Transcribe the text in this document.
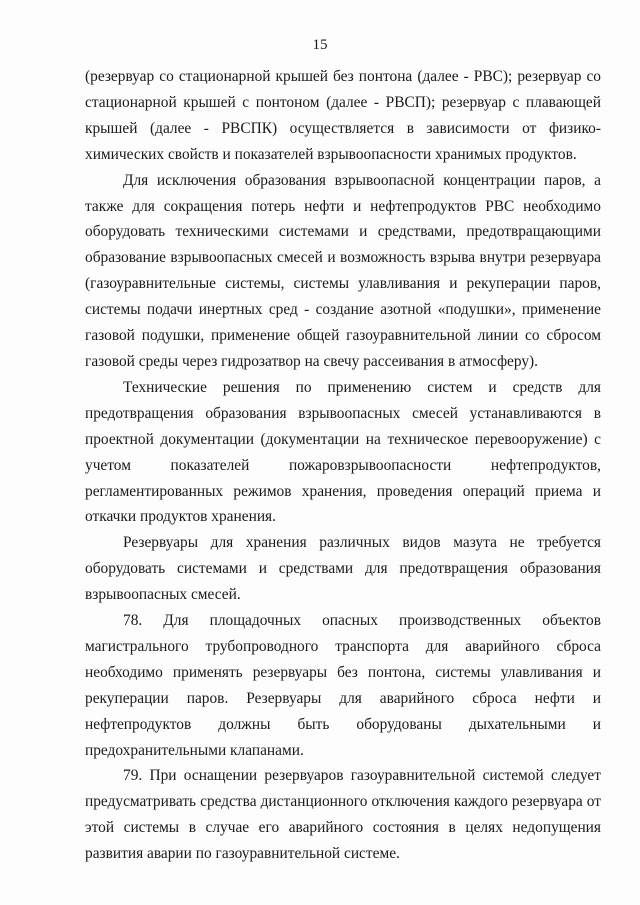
15

(резервуар со стационарной крышей без понтона (далее - РВС); резервуар со стационарной крышей с понтоном (далее - РВСП); резервуар с плавающей крышей (далее - РВСПК) осуществляется в зависимости от физико-химических свойств и показателей взрывоопасности хранимых продуктов.

Для исключения образования взрывоопасной концентрации паров, а также для сокращения потерь нефти и нефтепродуктов РВС необходимо оборудовать техническими системами и средствами, предотвращающими образование взрывоопасных смесей и возможность взрыва внутри резервуара (газоуравнительные системы, системы улавливания и рекуперации паров, системы подачи инертных сред - создание азотной «подушки», применение газовой подушки, применение общей газоуравнительной линии со сбросом газовой среды через гидрозатвор на свечу рассеивания в атмосферу).

Технические решения по применению систем и средств для предотвращения образования взрывоопасных смесей устанавливаются в проектной документации (документации на техническое перевооружение) с учетом показателей пожаровзрывоопасности нефтепродуктов, регламентированных режимов хранения, проведения операций приема и откачки продуктов хранения.

Резервуары для хранения различных видов мазута не требуется оборудовать системами и средствами для предотвращения образования взрывоопасных смесей.

78. Для площадочных опасных производственных объектов магистрального трубопроводного транспорта для аварийного сброса необходимо применять резервуары без понтона, системы улавливания и рекуперации паров. Резервуары для аварийного сброса нефти и нефтепродуктов должны быть оборудованы дыхательными и предохранительными клапанами.

79. При оснащении резервуаров газоуравнительной системой следует предусматривать средства дистанционного отключения каждого резервуара от этой системы в случае его аварийного состояния в целях недопущения развития аварии по газоуравнительной системе.
